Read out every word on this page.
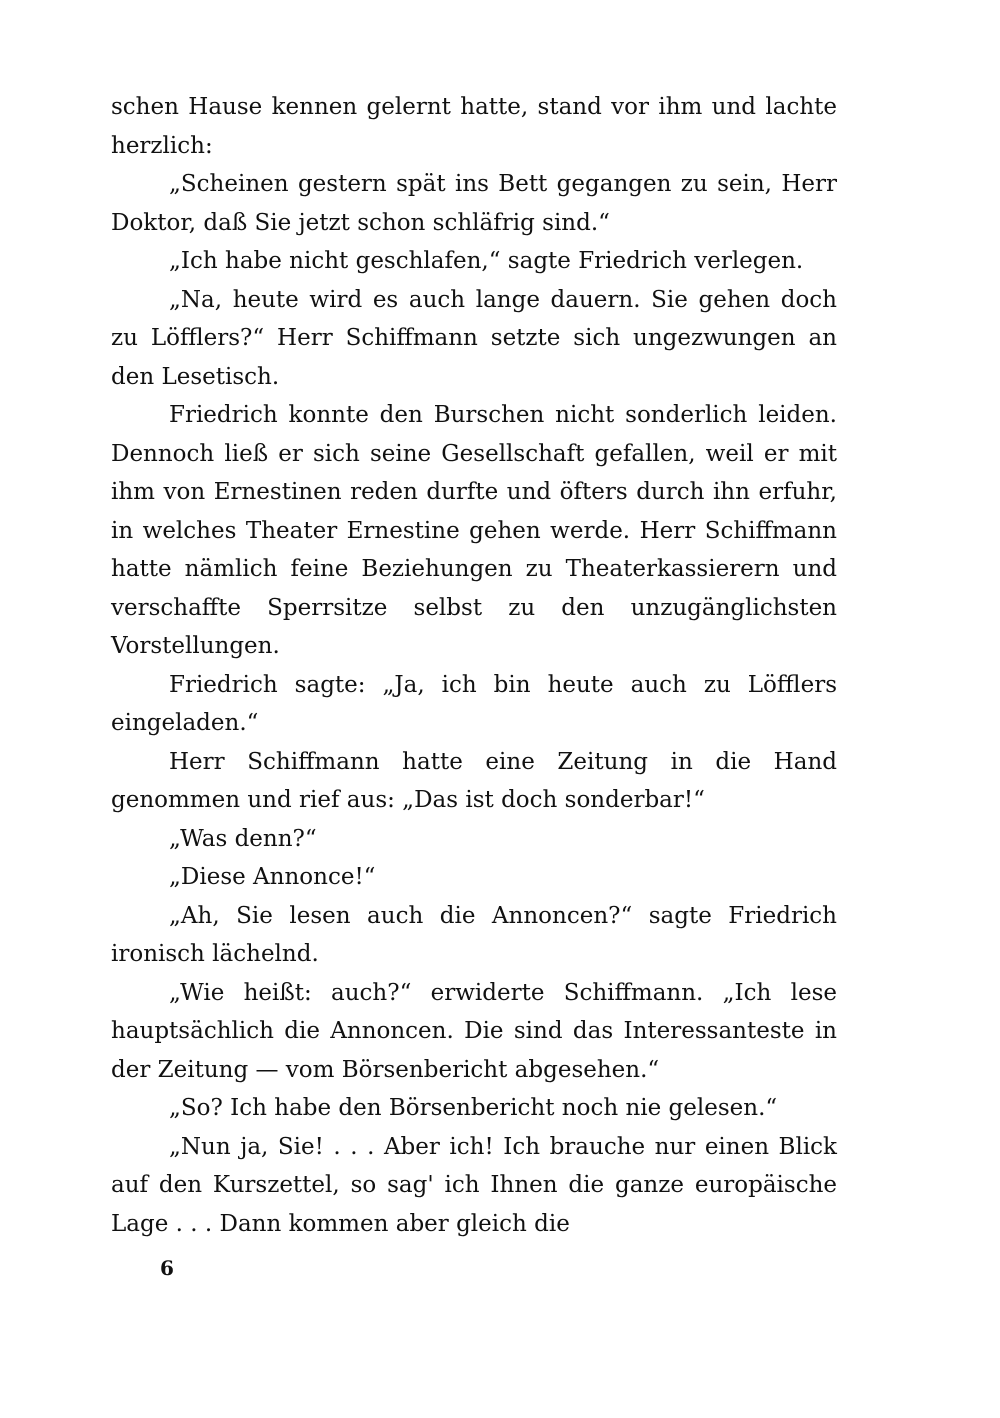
schen Hause kennen gelernt hatte, stand vor ihm und lachte herzlich:

„Scheinen gestern spät ins Bett gegangen zu sein, Herr Doktor, daß Sie jetzt schon schläfrig sind.“

„Ich habe nicht geschlafen,“ sagte Friedrich verlegen.

„Na, heute wird es auch lange dauern. Sie gehen doch zu Löfflers?“ Herr Schiffmann setzte sich ungezwungen an den Lesetisch.

Friedrich konnte den Burschen nicht sonderlich leiden. Dennoch ließ er sich seine Gesellschaft gefallen, weil er mit ihm von Ernestinen reden durfte und öfters durch ihn erfuhr, in welches Theater Ernestine gehen werde. Herr Schiffmann hatte nämlich feine Beziehungen zu Theaterkassierern und verschaffte Sperrsitze selbst zu den unzugänglichsten Vorstellungen.

Friedrich sagte: „Ja, ich bin heute auch zu Löfflers eingeladen.“

Herr Schiffmann hatte eine Zeitung in die Hand genommen und rief aus: „Das ist doch sonderbar!“

„Was denn?“

„Diese Annonce!“

„Ah, Sie lesen auch die Annoncen?“ sagte Friedrich ironisch lächelnd.

„Wie heißt: auch?“ erwiderte Schiffmann. „Ich lese hauptsächlich die Annoncen. Die sind das Interessanteste in der Zeitung — vom Börsenbericht abgesehen.“

„So? Ich habe den Börsenbericht noch nie gelesen.“

„Nun ja, Sie! . . . Aber ich! Ich brauche nur einen Blick auf den Kurszettel, so sag' ich Ihnen die ganze europäische Lage . . . Dann kommen aber gleich die

6
